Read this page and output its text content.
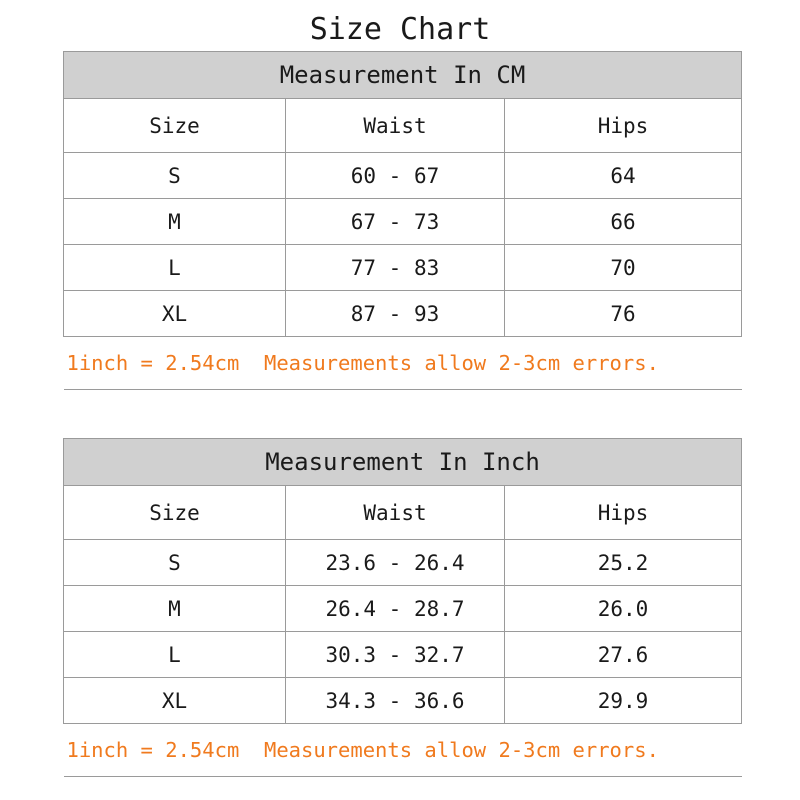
Size Chart
Measurement In CM		
Size	Waist	Hips
S	60 - 67	64
M	67 - 73	66
L	77 - 83	70
XL	87 - 93	76
1inch = 2.54cm  Measurements allow 2-3cm errors.		
Measurement In Inch		
Size	Waist	Hips
S	23.6 - 26.4	25.2
M	26.4 - 28.7	26.0
L	30.3 - 32.7	27.6
XL	34.3 - 36.6	29.9
1inch = 2.54cm  Measurements allow 2-3cm errors.		
